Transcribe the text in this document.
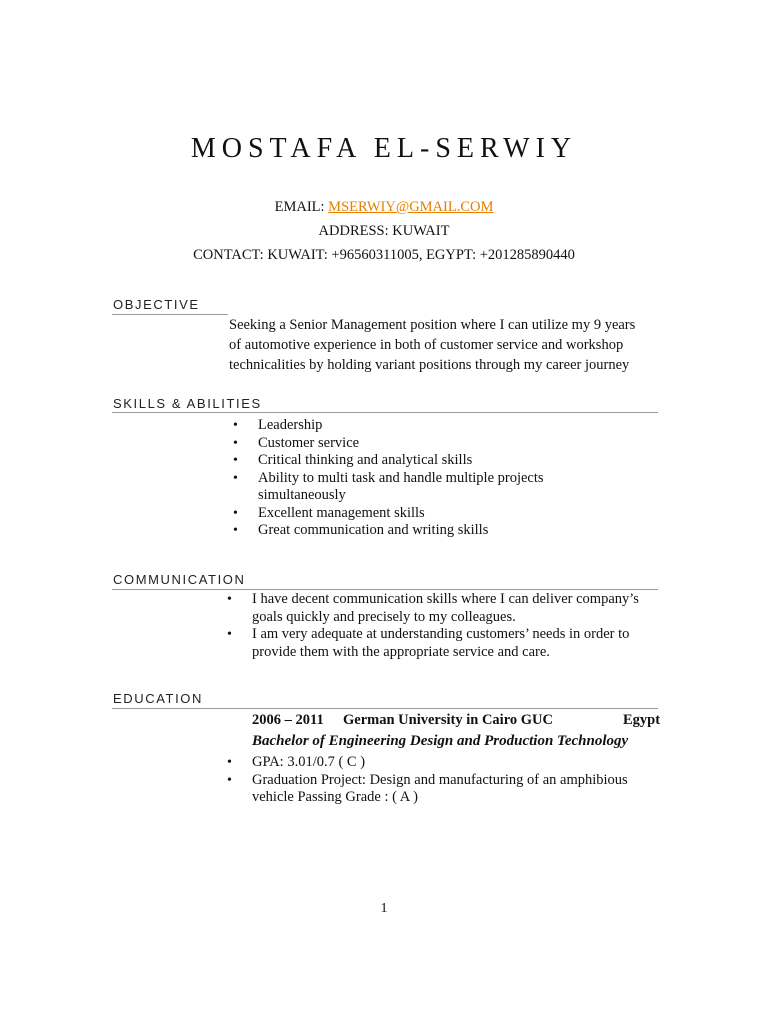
MOSTAFA EL-SERWIY
EMAIL: MSERWIY@GMAIL.COM
ADDRESS: KUWAIT
CONTACT: KUWAIT: +96560311005, EGYPT: +201285890440
OBJECTIVE
Seeking a Senior Management position where I can utilize my 9 years
of automotive experience in both of customer service and workshop
technicalities by holding variant positions through my career journey
SKILLS & ABILITIES
• Leadership
• Customer service
• Critical thinking and analytical skills
• Ability to multi task and handle multiple projects simultaneously
• Excellent management skills
• Great communication and writing skills
COMMUNICATION
• I have decent communication skills where I can deliver company’s goals quickly and precisely to my colleagues.
• I am very adequate at understanding customers’ needs in order to provide them with the appropriate service and care.
EDUCATION
2006 – 2011 German University in Cairo GUC	Egypt
Bachelor of Engineering Design and Production Technology
• GPA: 3.01/0.7 ( C )
• Graduation Project: Design and manufacturing of an amphibious vehicle Passing Grade : ( A )
1
